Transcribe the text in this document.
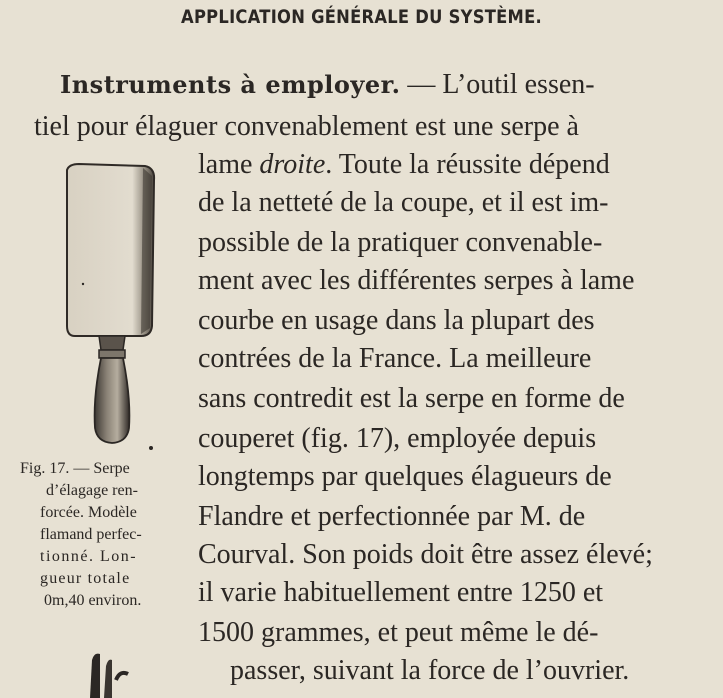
APPLICATION GÉNÉRALE DU SYSTÈME.
Instruments à employer. — L’outil essen-
tiel pour élaguer convenablement est une serpe à
lame droite. Toute la réussite dépend
de la netteté de la coupe, et il est im-
possible de la pratiquer convenable-
ment avec les différentes serpes à lame
courbe en usage dans la plupart des
contrées de la France. La meilleure
sans contredit est la serpe en forme de
couperet (fig. 17), employée depuis
longtemps par quelques élagueurs de
Flandre et perfectionnée par M. de
Courval. Son poids doit être assez élevé;
il varie habituellement entre 1250 et
1500 grammes, et peut même le dé-
passer, suivant la force de l’ouvrier.
Fig. 17. — Serpe
d’élagage ren-
forcée. Modèle
flamand perfec-
tionné. Lon-
gueur totale
0m,40 environ.
